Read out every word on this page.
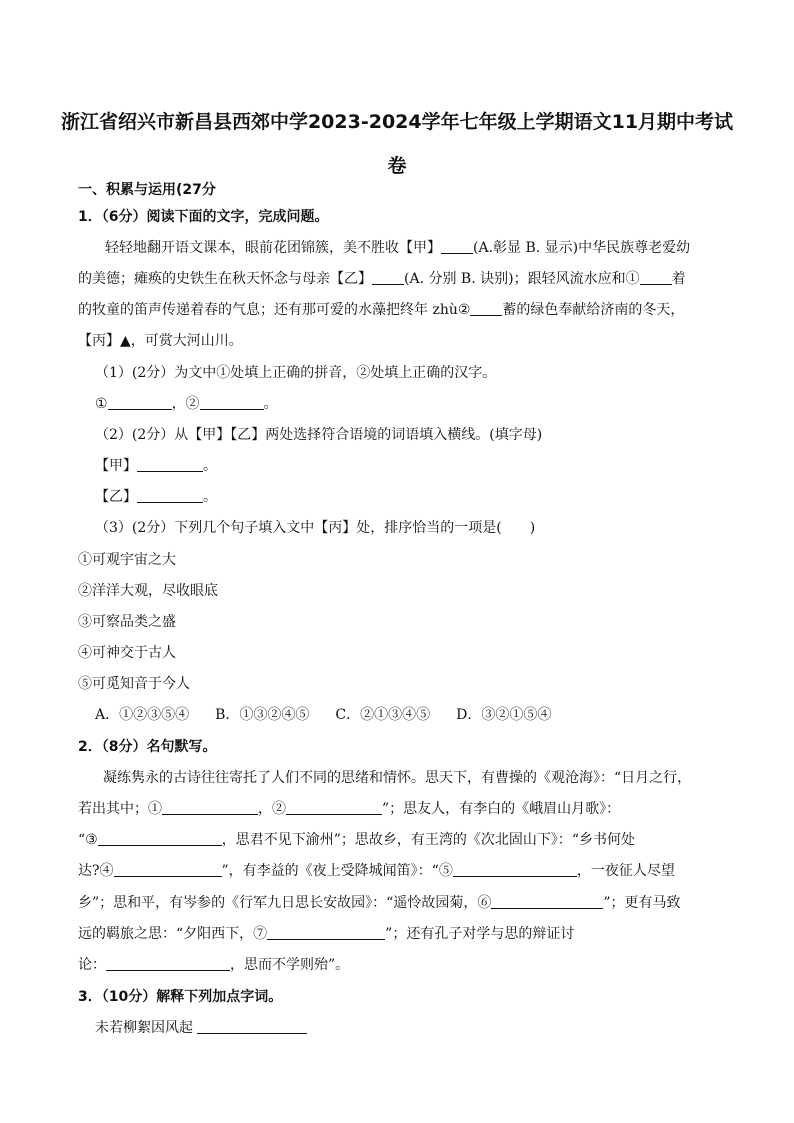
浙江省绍兴市新昌县西郊中学2023-2024学年七年级上学期语文11月期中考试
卷
一、积累与运用(27分
1．（6分）阅读下面的文字，完成问题。
轻轻地翻开语文课本，眼前花团锦簇，美不胜收【甲】 (A.彰显 B. 显示)中华民族尊老爱幼
的美德；瘫痪的史铁生在秋天怀念与母亲【乙】 (A. 分别 B. 诀别)；跟轻风流水应和① 着
的牧童的笛声传递着春的气息；还有那可爱的水藻把终年 zhù② 蓄的绿色奉献给济南的冬天，
【丙】▲，可赏大河山川。
（1）(2分）为文中①处填上正确的拼音，②处填上正确的汉字。
①	，②	。
（2）(2分）从【甲】【乙】两处选择符合语境的词语填入横线。(填字母)
【甲】	。
【乙】	。
（3）(2分）下列几个句子填入文中【丙】处，排序恰当的一项是(　　)
①可观宇宙之大
②洋洋大观，尽收眼底
③可察品类之盛
④可神交于古人
⑤可觅知音于今人
A．①②③⑤④ B．①③②④⑤ C．②①③④⑤ D．③②①⑤④
2．（8分）名句默写。
凝练隽永的古诗往往寄托了人们不同的思绪和情怀。思天下，有曹操的《观沧海》：“日月之行，
若出其中；①	，②	”；思友人，有李白的《峨眉山月歌》：
“③	，思君不见下渝州”；思故乡，有王湾的《次北固山下》：“乡书何处
达?④	”，有李益的《夜上受降城闻笛》：“⑤	，一夜征人尽望
乡”；思和平，有岑参的《行军九日思长安故园》：“遥怜故园菊，⑥	”；更有马致
远的羁旅之思：“夕阳西下，⑦	”；还有孔子对学与思的辩证讨
论：	，思而不学则殆”。
3．（10分）解释下列加点字词。
未若柳絮因风起
